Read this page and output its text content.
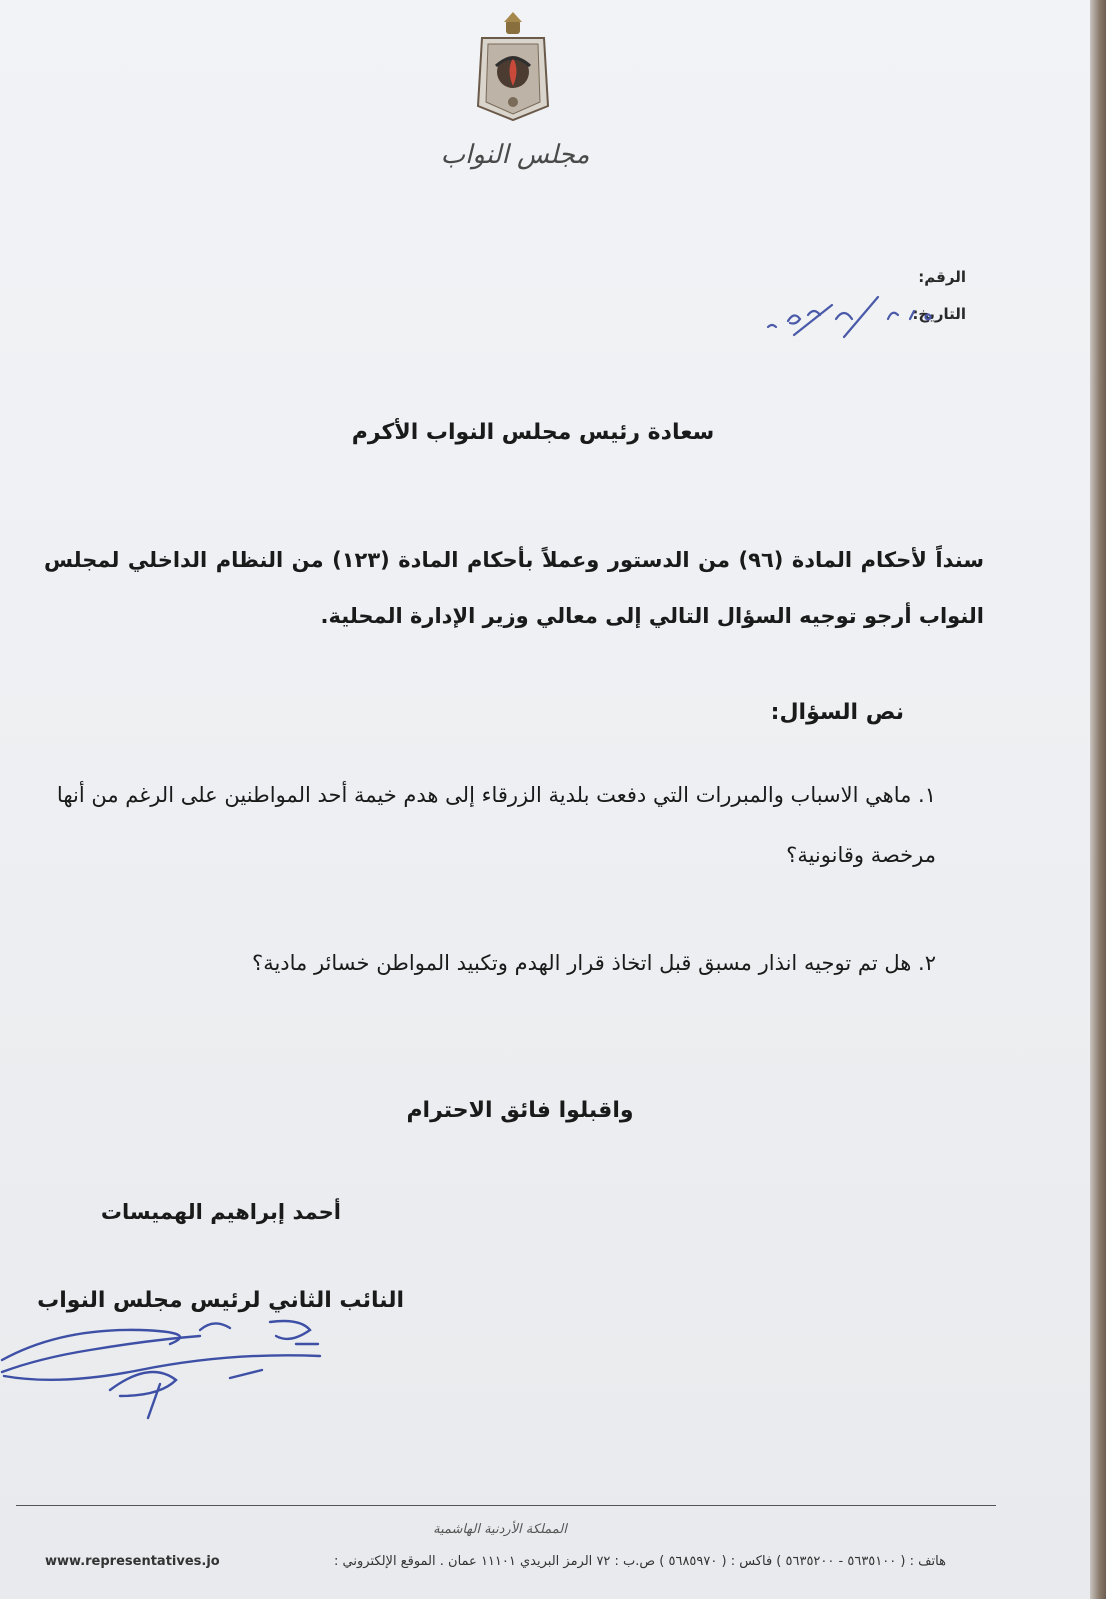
مجلس النواب
الرقم:
التاريخ:
سعادة رئيس مجلس النواب الأكرم
سنداً لأحكام المادة (٩٦) من الدستور وعملاً بأحكام المادة (١٢٣) من النظام الداخلي لمجلس النواب أرجو توجيه السؤال التالي إلى معالي وزير الإدارة المحلية.
نص السؤال:
١. ماهي الاسباب والمبررات التي دفعت بلدية الزرقاء إلى هدم خيمة أحد المواطنين على الرغم من أنها مرخصة وقانونية؟
٢. هل تم توجيه انذار مسبق قبل اتخاذ قرار الهدم وتكبيد المواطن خسائر مادية؟
واقبلوا فائق الاحترام
أحمد إبراهيم الهميسات
النائب الثاني لرئيس مجلس النواب
المملكة الأردنية الهاشمية
هاتف : ( ٥٦٣٥١٠٠ - ٥٦٣٥٢٠٠ ) فاكس : ( ٥٦٨٥٩٧٠ ) ص.ب : ٧٢ الرمز البريدي ١١١٠١ عمان . الموقع الإلكتروني :
www.representatives.jo
